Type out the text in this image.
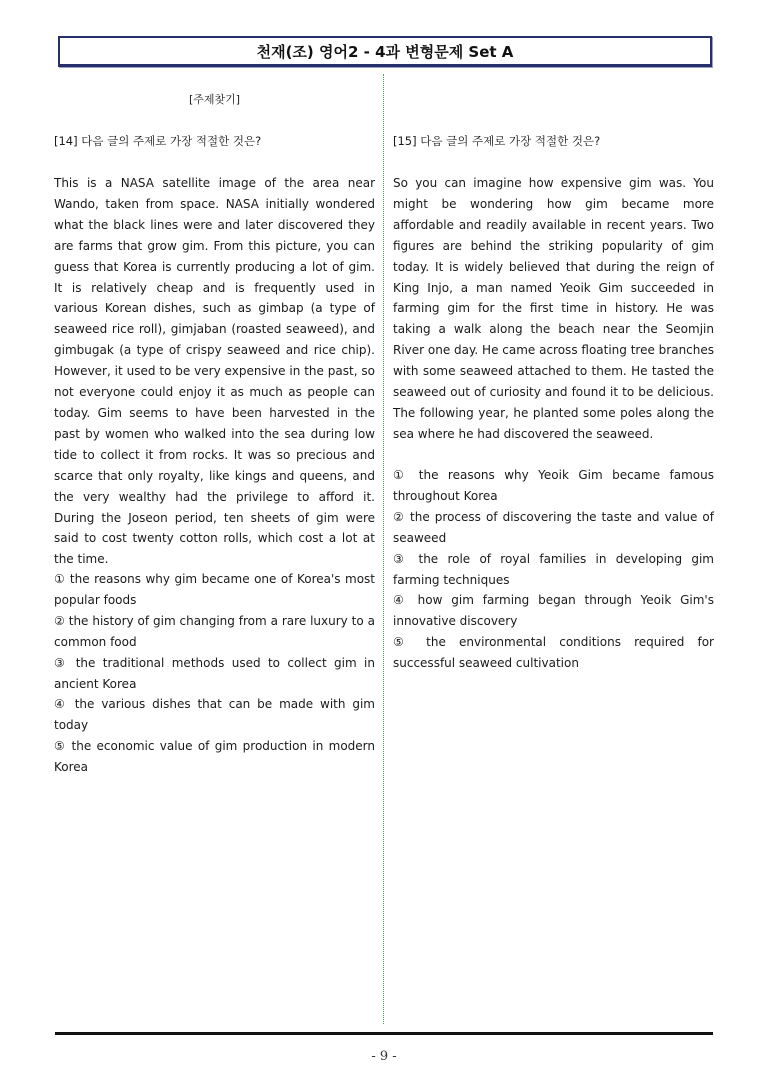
천재(조) 영어2 - 4과 변형문제 Set A
[주제찾기]
[14] 다음 글의 주제로 가장 적절한 것은?

This is a NASA satellite image of the area near Wando, taken from space. NASA initially wondered what the black lines were and later discovered they are farms that grow gim. From this picture, you can guess that Korea is currently producing a lot of gim. It is relatively cheap and is frequently used in various Korean dishes, such as gimbap (a type of seaweed rice roll), gimjaban (roasted seaweed), and gimbugak (a type of crispy seaweed and rice chip). However, it used to be very expensive in the past, so not everyone could enjoy it as much as people can today. Gim seems to have been harvested in the past by women who walked into the sea during low tide to collect it from rocks. It was so precious and scarce that only royalty, like kings and queens, and the very wealthy had the privilege to afford it. During the Joseon period, ten sheets of gim were said to cost twenty cotton rolls, which cost a lot at the time.

① the reasons why gim became one of Korea's most popular foods
② the history of gim changing from a rare luxury to a common food
③ the traditional methods used to collect gim in ancient Korea
④ the various dishes that can be made with gim today
⑤ the economic value of gim production in modern Korea
[15] 다음 글의 주제로 가장 적절한 것은?

So you can imagine how expensive gim was. You might be wondering how gim became more affordable and readily available in recent years. Two figures are behind the striking popularity of gim today. It is widely believed that during the reign of King Injo, a man named Yeoik Gim succeeded in farming gim for the first time in history. He was taking a walk along the beach near the Seomjin River one day. He came across floating tree branches with some seaweed attached to them. He tasted the seaweed out of curiosity and found it to be delicious. The following year, he planted some poles along the sea where he had discovered the seaweed.

① the reasons why Yeoik Gim became famous throughout Korea
② the process of discovering the taste and value of seaweed
③ the role of royal families in developing gim farming techniques
④ how gim farming began through Yeoik Gim's innovative discovery
⑤ the environmental conditions required for successful seaweed cultivation
- 9 -
